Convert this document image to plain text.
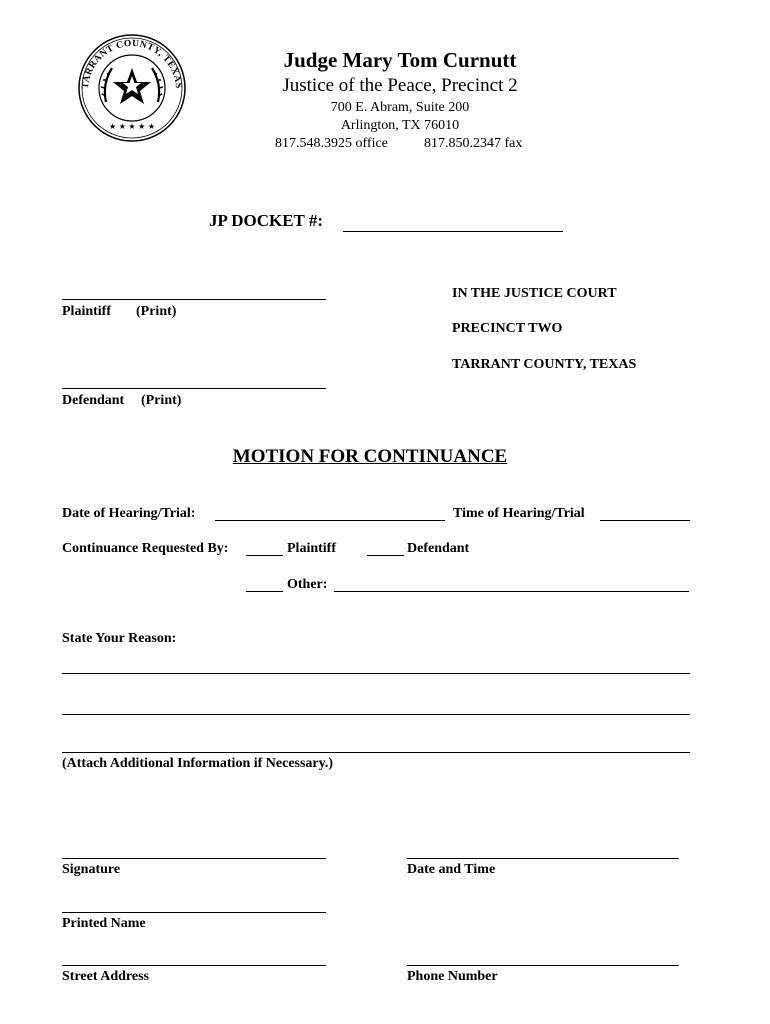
TARRANT COUNTY, TEXAS
★ ★ ★ ★ ★
Judge Mary Tom Curnutt
Justice of the Peace, Precinct 2
700 E. Abram, Suite 200
Arlington, TX 76010
817.548.3925 office	817.850.2347 fax
JP DOCKET #:
Plaintiff (Print)
Defendant (Print)
IN THE JUSTICE COURT
PRECINCT TWO
TARRANT COUNTY, TEXAS
MOTION FOR CONTINUANCE
Date of Hearing/Trial:	Time of Hearing/Trial
Continuance Requested By:	Plaintiff	Defendant
Other:
State Your Reason:
(Attach Additional Information if Necessary.)
Signature	Date and Time
Printed Name
Street Address	Phone Number
